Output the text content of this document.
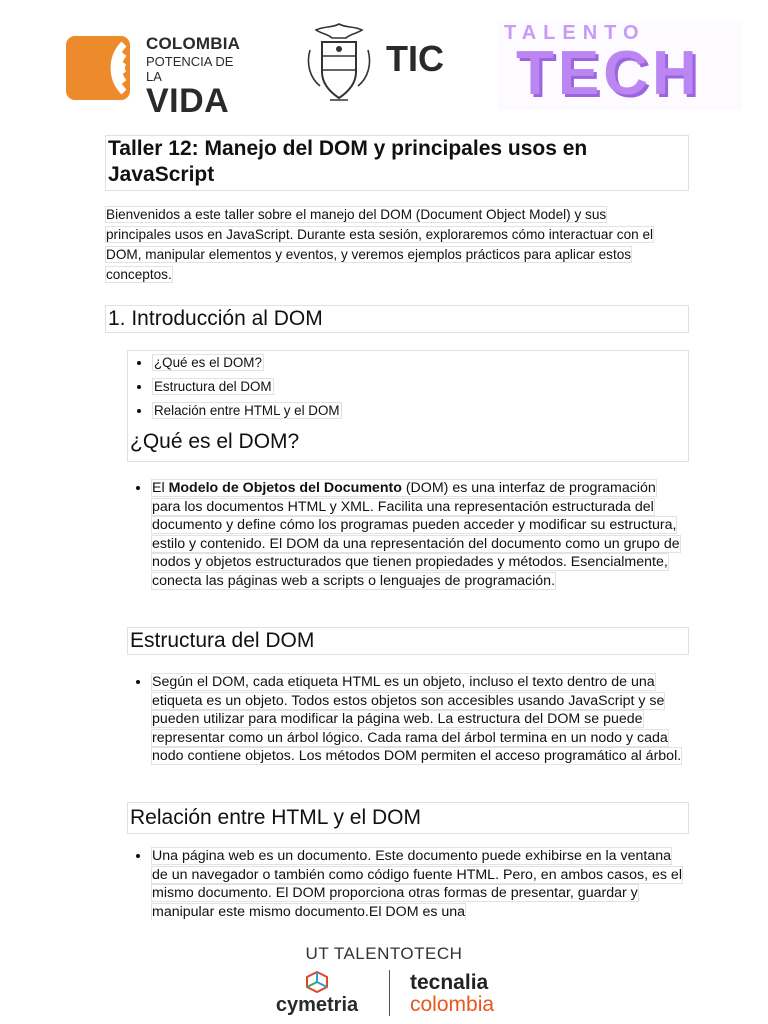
COLOMBIA
POTENCIA DE LA
VIDA
TIC
TALENTO
TECH
Taller 12: Manejo del DOM y principales usos en JavaScript

Bienvenidos a este taller sobre el manejo del DOM (Document Object Model) y sus principales usos en JavaScript. Durante esta sesión, exploraremos cómo interactuar con el DOM, manipular elementos y eventos, y veremos ejemplos prácticos para aplicar estos conceptos.

1. Introducción al DOM
• ¿Qué es el DOM?
• Estructura del DOM
• Relación entre HTML y el DOM
¿Qué es el DOM?
• El Modelo de Objetos del Documento (DOM) es una interfaz de programación para los documentos HTML y XML. Facilita una representación estructurada del documento y define cómo los programas pueden acceder y modificar su estructura, estilo y contenido. El DOM da una representación del documento como un grupo de nodos y objetos estructurados que tienen propiedades y métodos. Esencialmente, conecta las páginas web a scripts o lenguajes de programación.
Estructura del DOM
• Según el DOM, cada etiqueta HTML es un objeto, incluso el texto dentro de una etiqueta es un objeto. Todos estos objetos son accesibles usando JavaScript y se pueden utilizar para modificar la página web. La estructura del DOM se puede representar como un árbol lógico. Cada rama del árbol termina en un nodo y cada nodo contiene objetos. Los métodos DOM permiten el acceso programático al árbol.
Relación entre HTML y el DOM
• Una página web es un documento. Este documento puede exhibirse en la ventana de un navegador o también como código fuente HTML. Pero, en ambos casos, es el mismo documento. El DOM proporciona otras formas de presentar, guardar y manipular este mismo documento.El DOM es una
UT TALENTOTECH
cymetria
tecnalia
colombia
